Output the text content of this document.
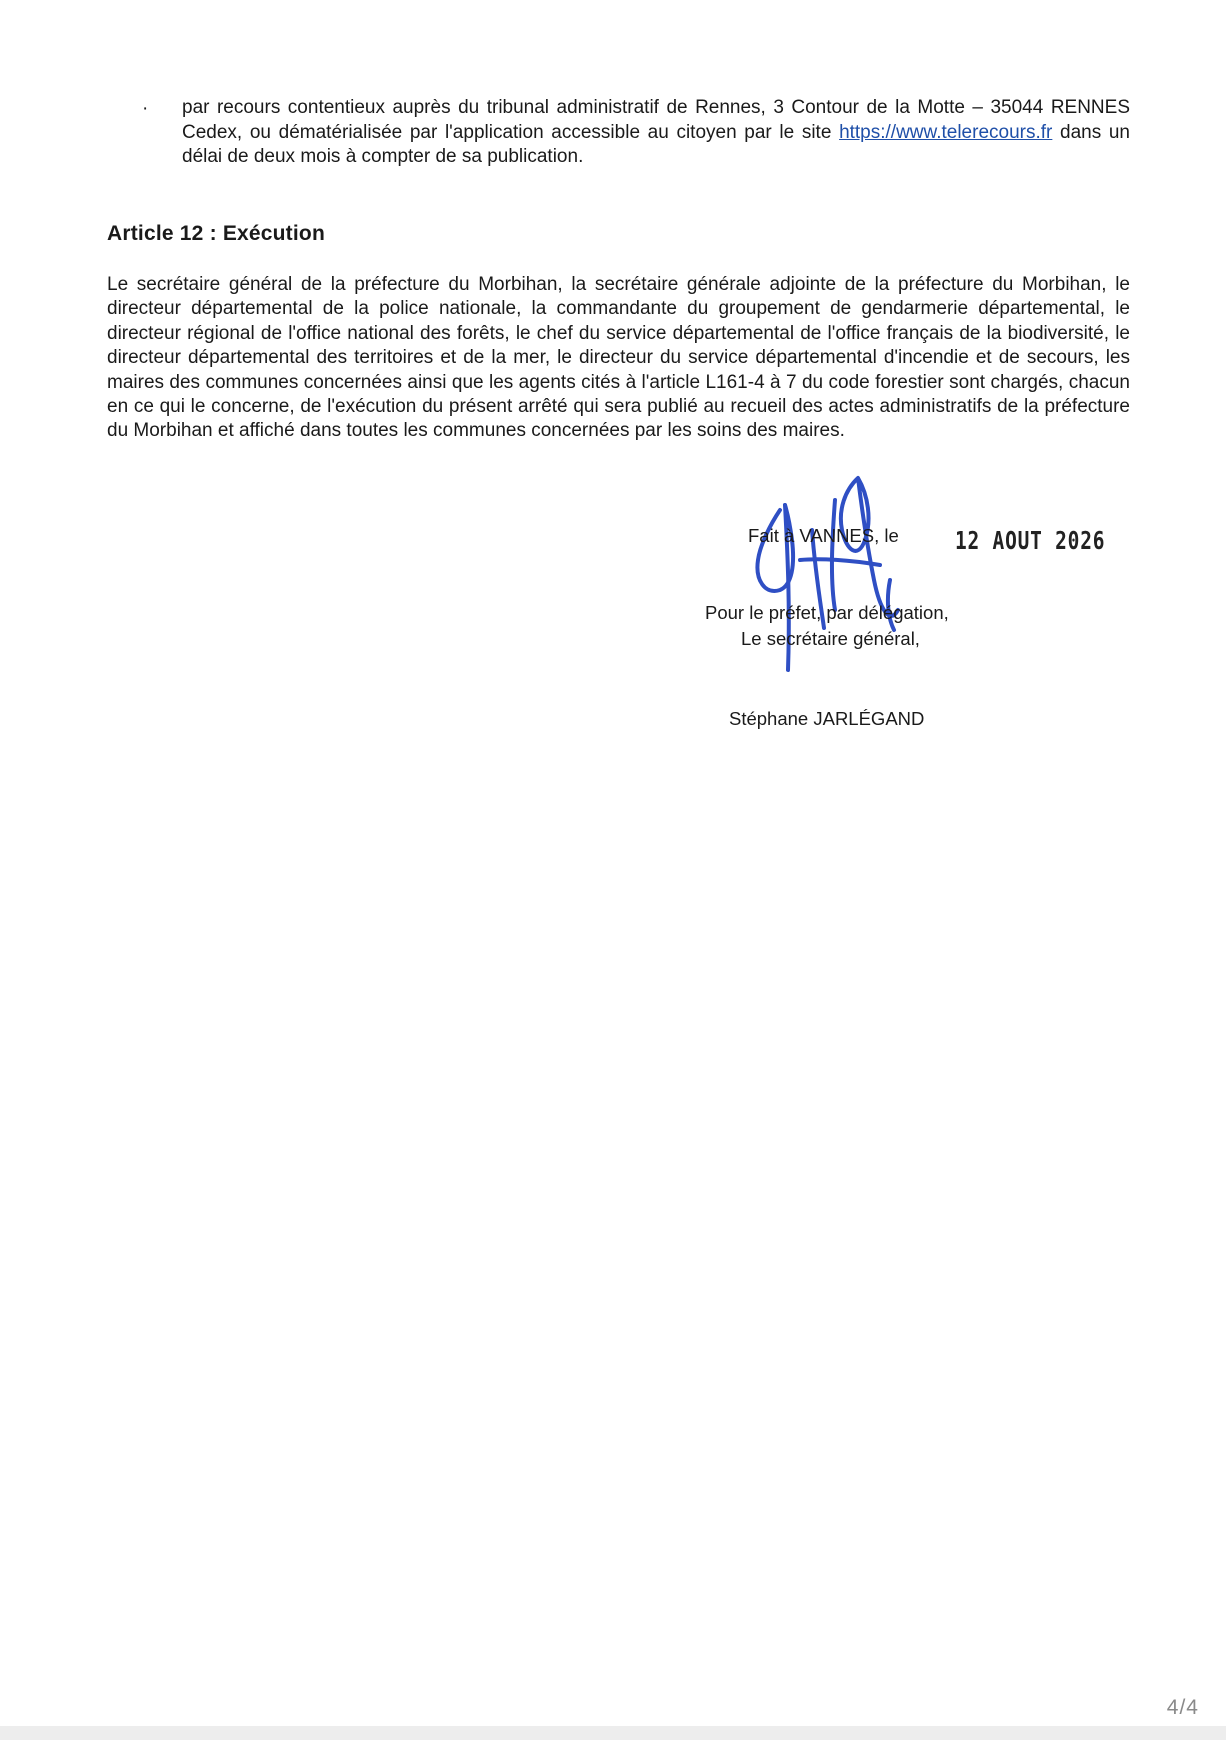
· par recours contentieux auprès du tribunal administratif de Rennes, 3 Contour de la Motte – 35044 RENNES Cedex, ou dématérialisée par l'application accessible au citoyen par le site https://www.telerecours.fr dans un délai de deux mois à compter de sa publication.

Article 12 : Exécution

Le secrétaire général de la préfecture du Morbihan, la secrétaire générale adjointe de la préfecture du Morbihan, le directeur départemental de la police nationale, la commandante du groupement de gendarmerie départemental, le directeur régional de l'office national des forêts, le chef du service départemental de l'office français de la biodiversité, le directeur départemental des territoires et de la mer, le directeur du service départemental d'incendie et de secours, les maires des communes concernées ainsi que les agents cités à l'article L161-4 à 7 du code forestier sont chargés, chacun en ce qui le concerne, de l'exécution du présent arrêté qui sera publié au recueil des actes administratifs de la préfecture du Morbihan et affiché dans toutes les communes concernées par les soins des maires.

Fait à VANNES, le 12 AOUT 2026
Pour le préfet, par délégation,
Le secrétaire général,
Stéphane JARLÉGAND
4/4
